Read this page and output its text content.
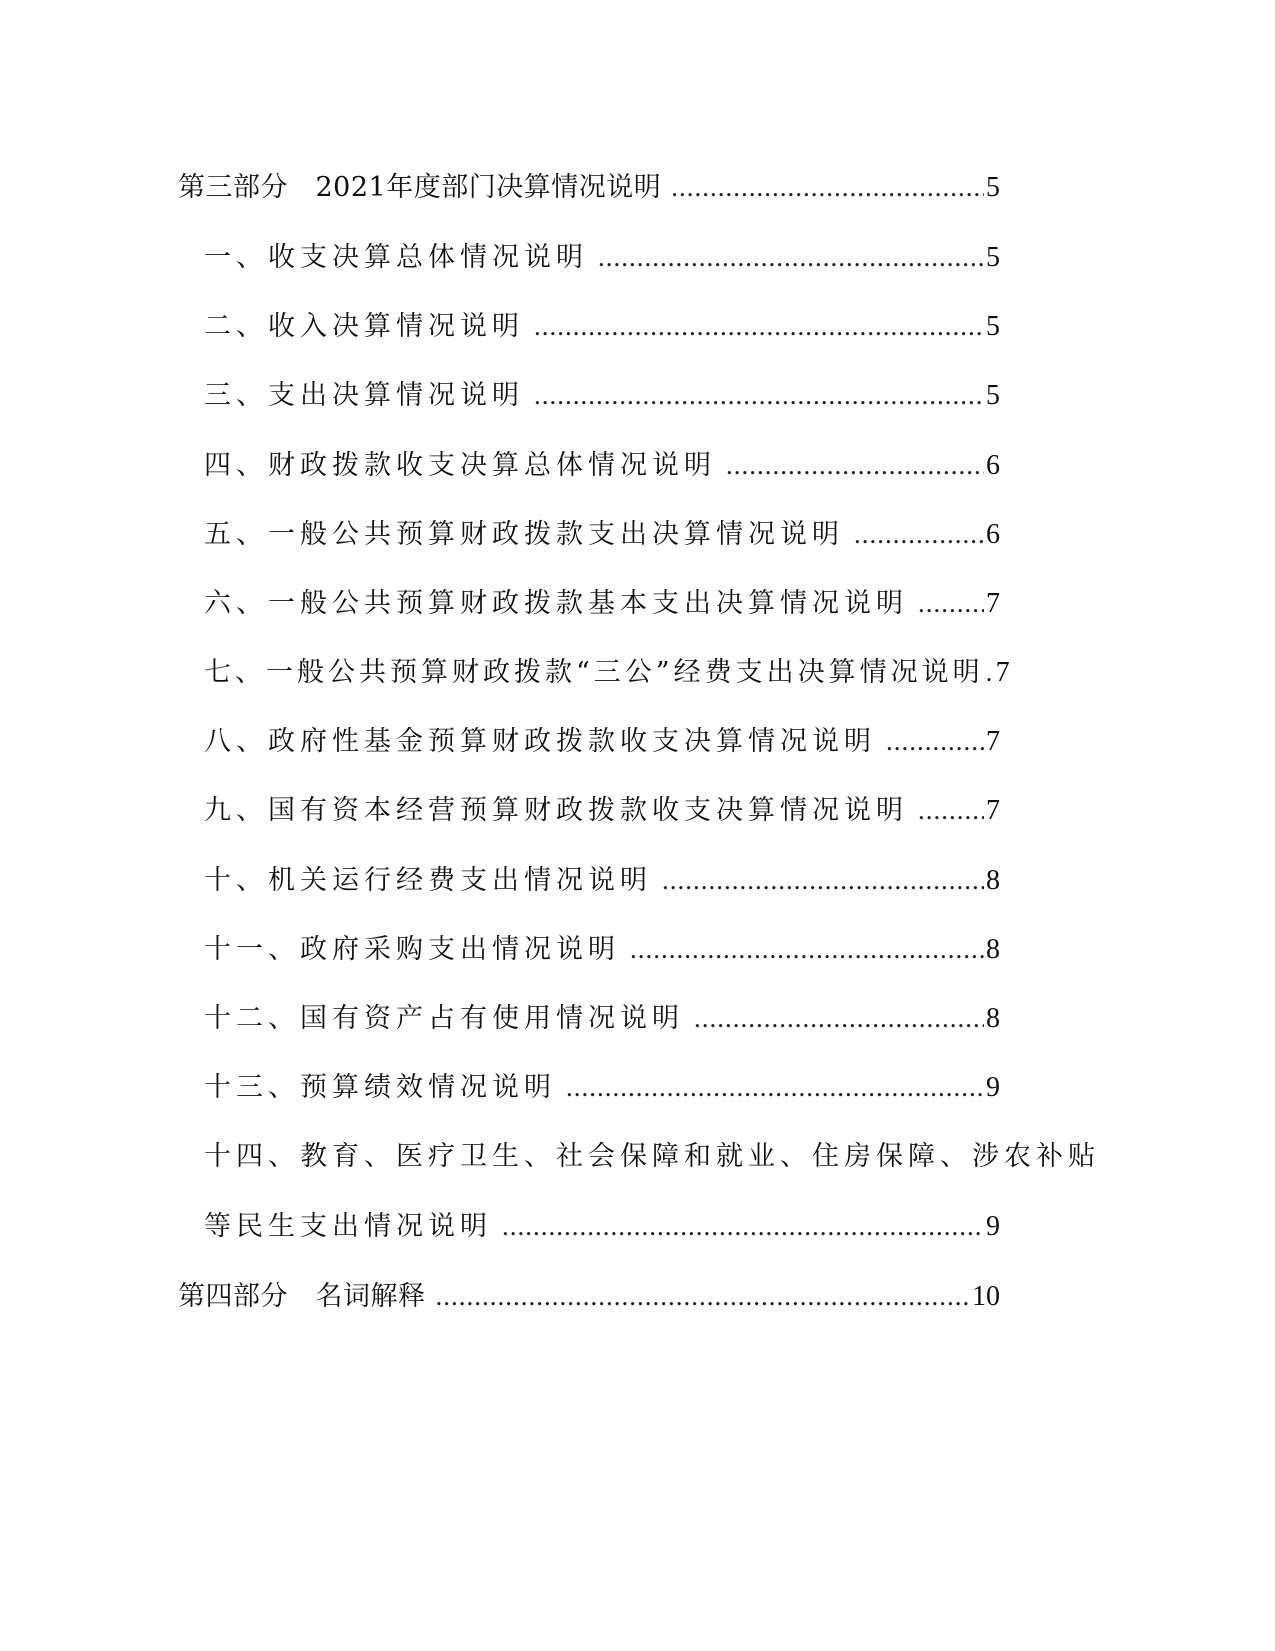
第三部分　2021年度部门决算情况说明 .....	5
一、收支决算总体情况说明 .....	5
二、收入决算情况说明 .....	5
三、支出决算情况说明 .....	5
四、财政拨款收支决算总体情况说明 .....	6
五、一般公共预算财政拨款支出决算情况说明 .....	6
六、一般公共预算财政拨款基本支出决算情况说明 .....	7
七、一般公共预算财政拨款“三公”经费支出决算情况说明 ..... 7
八、政府性基金预算财政拨款收支决算情况说明 .....	7
九、国有资本经营预算财政拨款收支决算情况说明 .....	7
十、机关运行经费支出情况说明 .....	8
十一、政府采购支出情况说明 .....	8
十二、国有资产占有使用情况说明 .....	8
十三、预算绩效情况说明 .....	9
十四、教育、医疗卫生、社会保障和就业、住房保障、涉农补贴
等民生支出情况说明 .....	9
第四部分　名词解释 .....	10
